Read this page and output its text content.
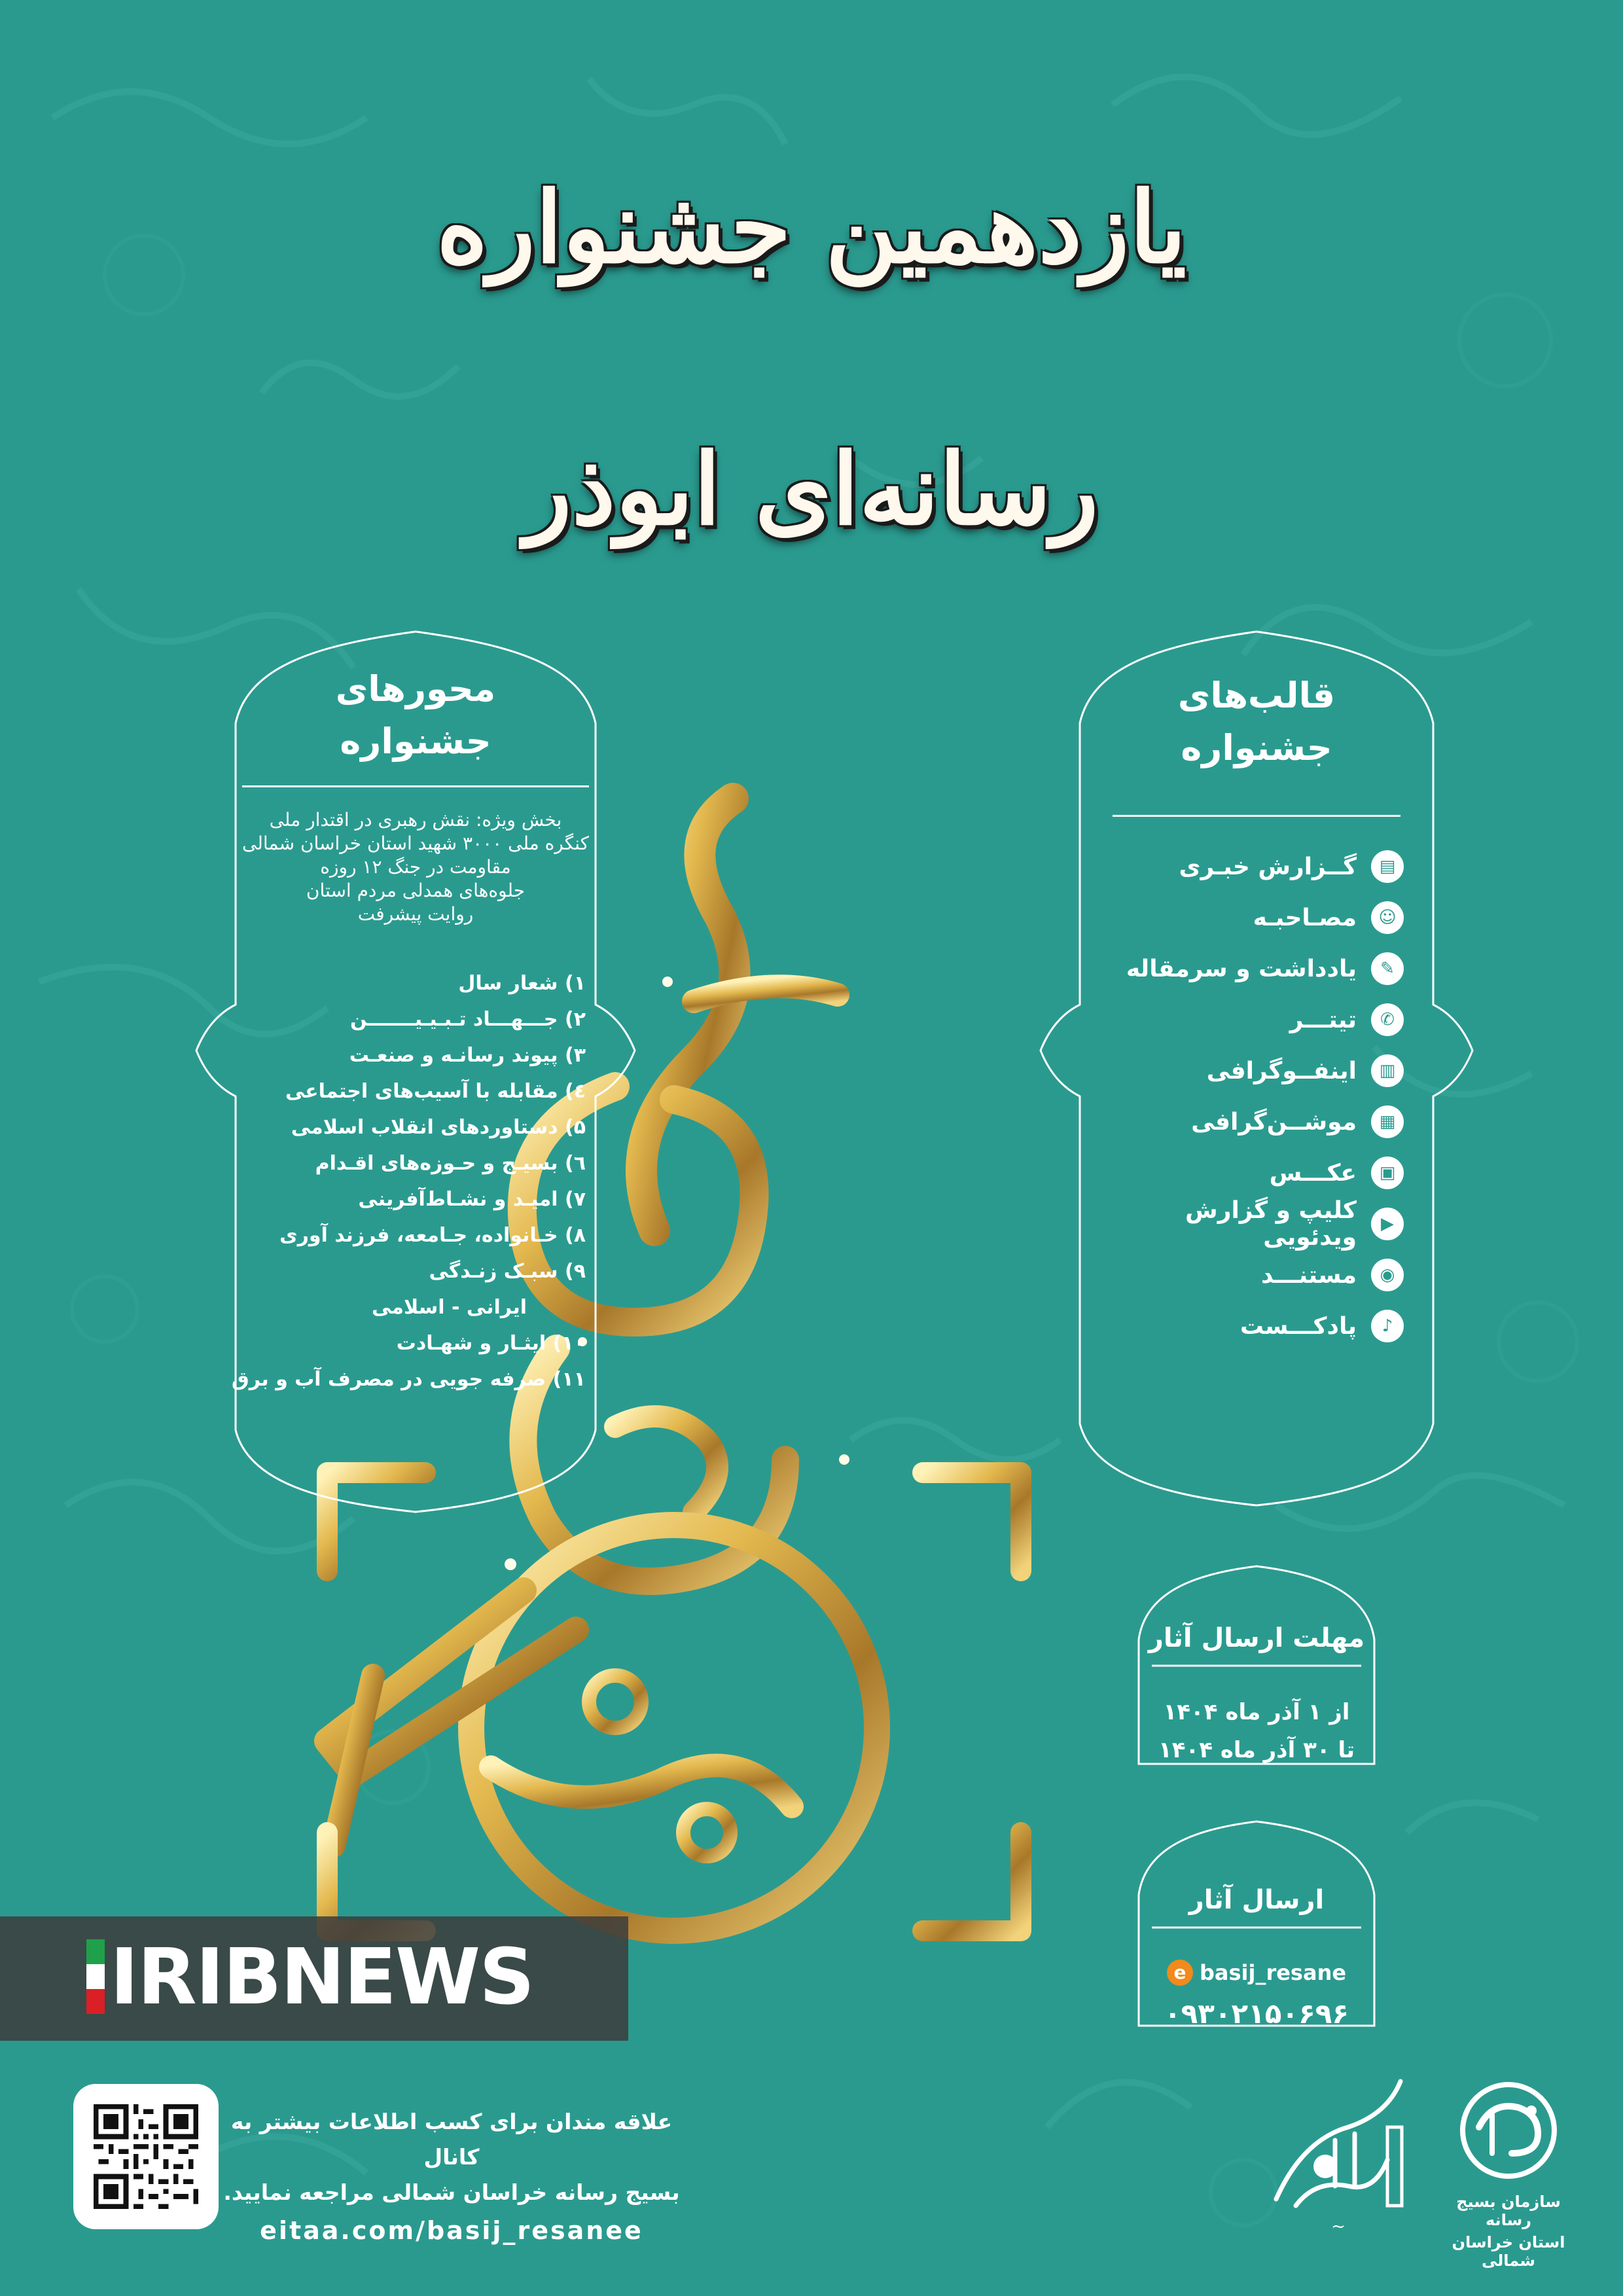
یازدهمین جشنواره
رسانه‌ای ابوذر
محورهای
جشنواره
بخش ویژه: نقش رهبری در اقتدار ملی
کنگره ملی ۳۰۰۰ شهید استان خراسان شمالی
مقاومت در جنگ ۱۲ روزه
جلوه‌های همدلی مردم استان
روایت پیشرفت
۱) شعار سال
۲) جـــهـــاد تـبـیـیـــــــن
۳) پیوند رسانـه و صنعـت
٤) مقابله با آسیب‌های اجتماعی
۵) دستاوردهای انقلاب اسلامی
٦) بسیـج و حـوزه‌های اقـدام
۷) امیـد و نشـاط‌آفرینی
۸) خـانواده، جـامعه، فرزند آوری
۹) سبـک زنـدگی
ایرانی - اسلامی
۱۰) ایثـار و شهـادت
۱۱) صرفه جویی در مصرف آب و برق
قالب‌های
جشنواره
▤
گــزارش خبـری
☺
مصـاحبـه
✎
یادداشت و سرمقاله
✆
تیتـــر
▥
اینفــوگرافی
▦
موشــن‌گرافی
▣
عکـــس
▶
کلیپ و گزارش ویدئویی
◉
مستنـــد
♪
پادکـــست
مهلت ارسال آثار
از ۱ آذر ماه ۱۴۰۴
تا ۳۰ آذر ماه ۱۴۰۴
ارسال آثار
e basij_resane
۰۹۳۰۲۱۵۰۶۹۶
IRIBNEWS
علاقه مندان برای کسب اطلاعات بیشتر به کانال
بسیج رسانه خراسان شمالی مراجعه نمایید.
eitaa.com/basij_resanee	~
سازمان بسیج رسانه
استان خراسان شمالی
